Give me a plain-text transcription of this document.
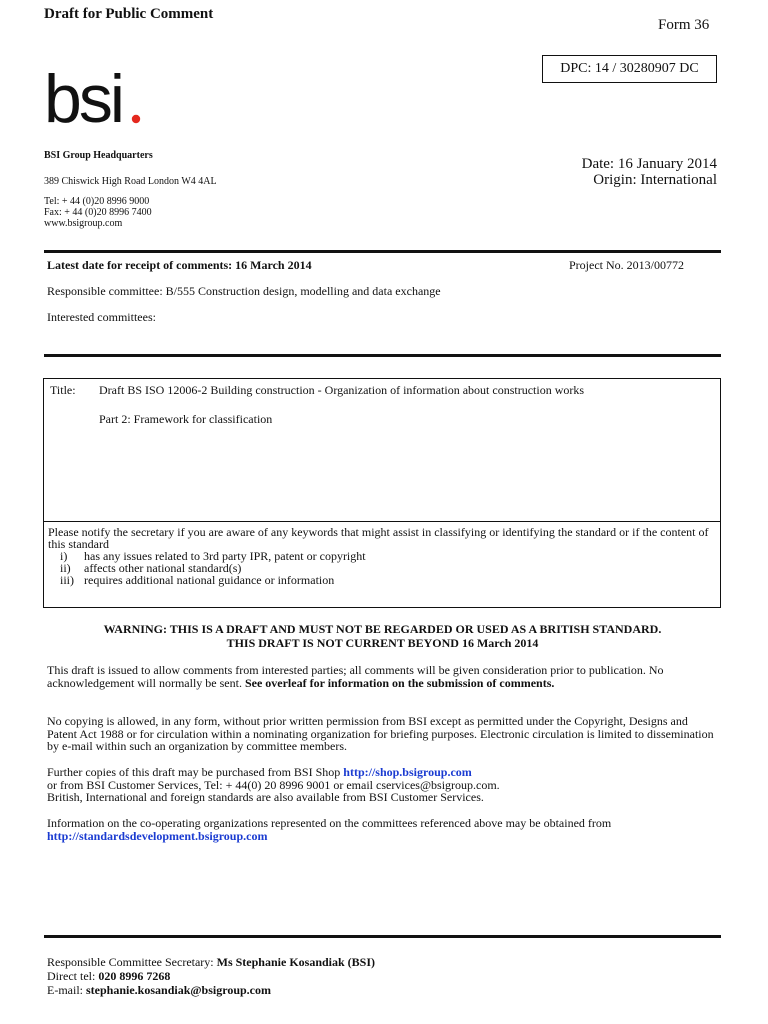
Draft for Public Comment
Form 36
DPC: 14 / 30280907 DC
bsi
BSI Group Headquarters
389 Chiswick High Road London W4 4AL
Tel: + 44 (0)20 8996 9000
Fax: + 44 (0)20 8996 7400
www.bsigroup.com
Date: 16 January 2014
Origin: International
Latest date for receipt of comments: 16 March 2014	Project No. 2013/00772
Responsible committee: B/555 Construction design, modelling and data exchange
Interested committees:
Title: Draft BS ISO 12006-2 Building construction - Organization of information about construction works
Part 2: Framework for classification
Please notify the secretary if you are aware of any keywords that might assist in classifying or identifying the standard or if the content of this standard
i) has any issues related to 3rd party IPR, patent or copyright
ii) affects other national standard(s)
iii) requires additional national guidance or information
WARNING: THIS IS A DRAFT AND MUST NOT BE REGARDED OR USED AS A BRITISH STANDARD.
THIS DRAFT IS NOT CURRENT BEYOND 16 March 2014
This draft is issued to allow comments from interested parties; all comments will be given consideration prior to publication. No acknowledgement will normally be sent. See overleaf for information on the submission of comments.
No copying is allowed, in any form, without prior written permission from BSI except as permitted under the Copyright, Designs and Patent Act 1988 or for circulation within a nominating organization for briefing purposes. Electronic circulation is limited to dissemination by e-mail within such an organization by committee members.
Further copies of this draft may be purchased from BSI Shop http://shop.bsigroup.com
or from BSI Customer Services, Tel: + 44(0) 20 8996 9001 or email cservices@bsigroup.com.
British, International and foreign standards are also available from BSI Customer Services.
Information on the co-operating organizations represented on the committees referenced above may be obtained from
http://standardsdevelopment.bsigroup.com
Responsible Committee Secretary: Ms Stephanie Kosandiak (BSI)
Direct tel: 020 8996 7268
E-mail: stephanie.kosandiak@bsigroup.com
